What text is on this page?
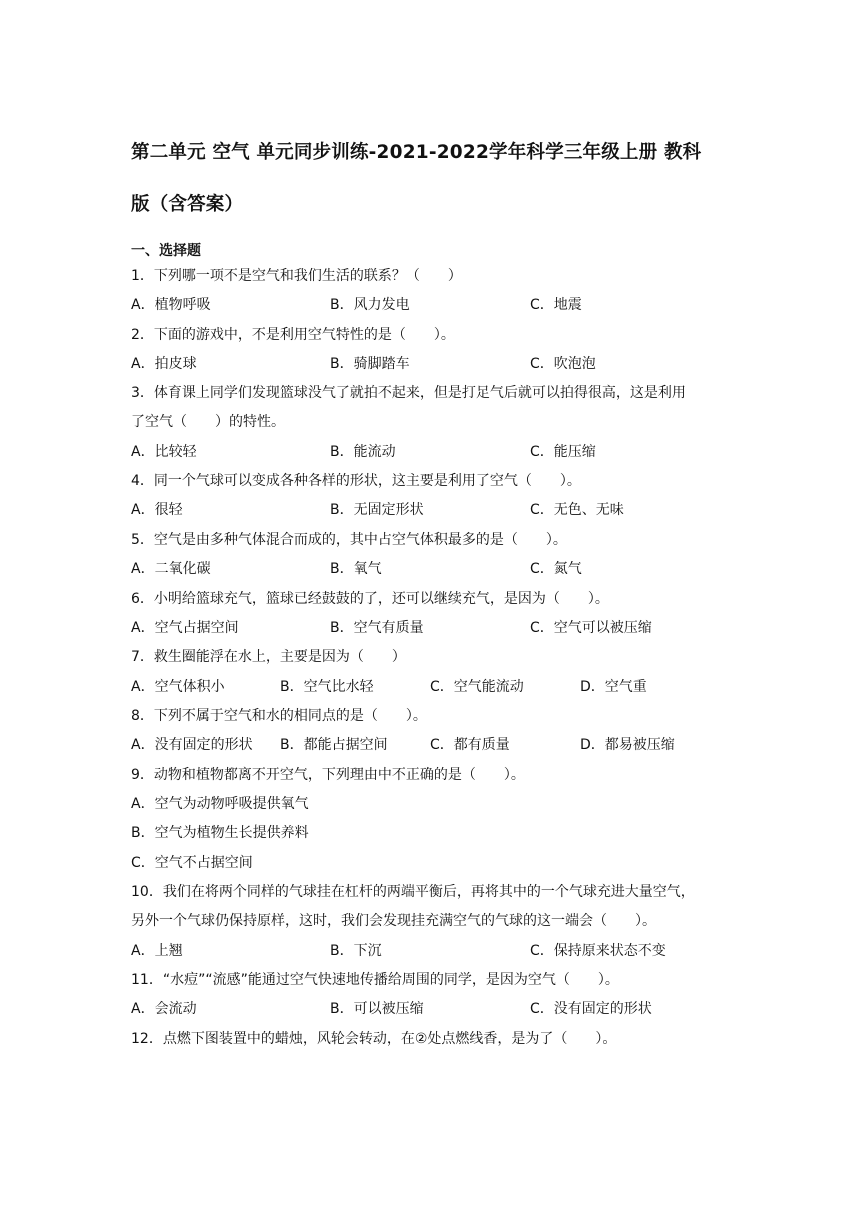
第二单元 空气 单元同步训练-2021-2022学年科学三年级上册 教科
版（含答案）
一、选择题
1．下列哪一项不是空气和我们生活的联系？（　　）
A．植物呼吸	B．风力发电	C．地震
2．下面的游戏中，不是利用空气特性的是（　　）。
A．拍皮球	B．骑脚踏车	C．吹泡泡
3．体育课上同学们发现篮球没气了就拍不起来，但是打足气后就可以拍得很高，这是利用
了空气（　　）的特性。
A．比较轻	B．能流动	C．能压缩
4．同一个气球可以变成各种各样的形状，这主要是利用了空气（　　）。
A．很轻	B．无固定形状	C．无色、无味
5．空气是由多种气体混合而成的，其中占空气体积最多的是（　　）。
A．二氧化碳	B．氧气	C．氮气
6．小明给篮球充气，篮球已经鼓鼓的了，还可以继续充气，是因为（　　）。
A．空气占据空间	B．空气有质量	C．空气可以被压缩
7．救生圈能浮在水上，主要是因为（　　）
A．空气体积小	B．空气比水轻	C．空气能流动	D．空气重
8．下列不属于空气和水的相同点的是（　　）。
A．没有固定的形状 B．都能占据空间	C．都有质量	D．都易被压缩
9．动物和植物都离不开空气，下列理由中不正确的是（　　）。
A．空气为动物呼吸提供氧气
B．空气为植物生长提供养料
C．空气不占据空间
10．我们在将两个同样的气球挂在杠杆的两端平衡后，再将其中的一个气球充进大量空气，
另外一个气球仍保持原样，这时，我们会发现挂充满空气的气球的这一端会（　　）。
A．上翘	B．下沉	C．保持原来状态不变
11．“水痘”“流感”能通过空气快速地传播给周围的同学，是因为空气（　　）。
A．会流动	B．可以被压缩	C．没有固定的形状
12．点燃下图装置中的蜡烛，风轮会转动，在②处点燃线香，是为了（　　）。
